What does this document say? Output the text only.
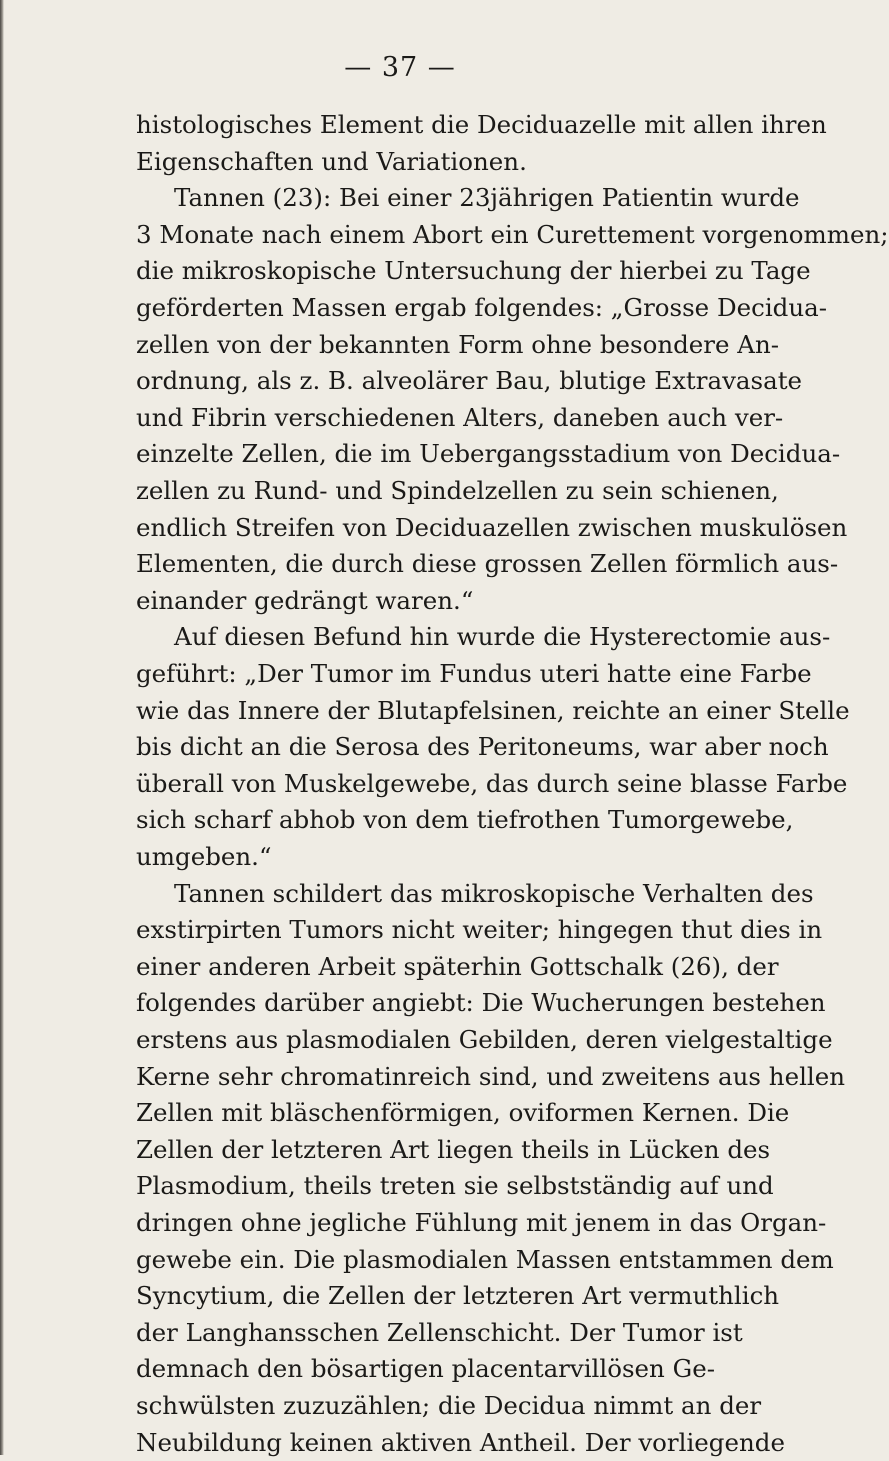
— 37 —
histologisches Element die Deciduazelle mit allen ihren
Eigenschaften und Variationen.
Tannen (23): Bei einer 23jährigen Patientin wurde
3 Monate nach einem Abort ein Curettement vorgenommen;
die mikroskopische Untersuchung der hierbei zu Tage
geförderten Massen ergab folgendes: „Grosse Decidua-
zellen von der bekannten Form ohne besondere An-
ordnung, als z. B. alveolärer Bau, blutige Extravasate
und Fibrin verschiedenen Alters, daneben auch ver-
einzelte Zellen, die im Uebergangsstadium von Decidua-
zellen zu Rund- und Spindelzellen zu sein schienen,
endlich Streifen von Deciduazellen zwischen muskulösen
Elementen, die durch diese grossen Zellen förmlich aus-
einander gedrängt waren.“
Auf diesen Befund hin wurde die Hysterectomie aus-
geführt: „Der Tumor im Fundus uteri hatte eine Farbe
wie das Innere der Blutapfelsinen, reichte an einer Stelle
bis dicht an die Serosa des Peritoneums, war aber noch
überall von Muskelgewebe, das durch seine blasse Farbe
sich scharf abhob von dem tiefrothen Tumorgewebe,
umgeben.“
Tannen schildert das mikroskopische Verhalten des
exstirpirten Tumors nicht weiter; hingegen thut dies in
einer anderen Arbeit späterhin Gottschalk (26), der
folgendes darüber angiebt: Die Wucherungen bestehen
erstens aus plasmodialen Gebilden, deren vielgestaltige
Kerne sehr chromatinreich sind, und zweitens aus hellen
Zellen mit bläschenförmigen, oviformen Kernen. Die
Zellen der letzteren Art liegen theils in Lücken des
Plasmodium, theils treten sie selbstständig auf und
dringen ohne jegliche Fühlung mit jenem in das Organ-
gewebe ein. Die plasmodialen Massen entstammen dem
Syncytium, die Zellen der letzteren Art vermuthlich
der Langhansschen Zellenschicht. Der Tumor ist
demnach den bösartigen placentarvillösen Ge-
schwülsten zuzuzählen; die Decidua nimmt an der
Neubildung keinen aktiven Antheil. Der vorliegende
